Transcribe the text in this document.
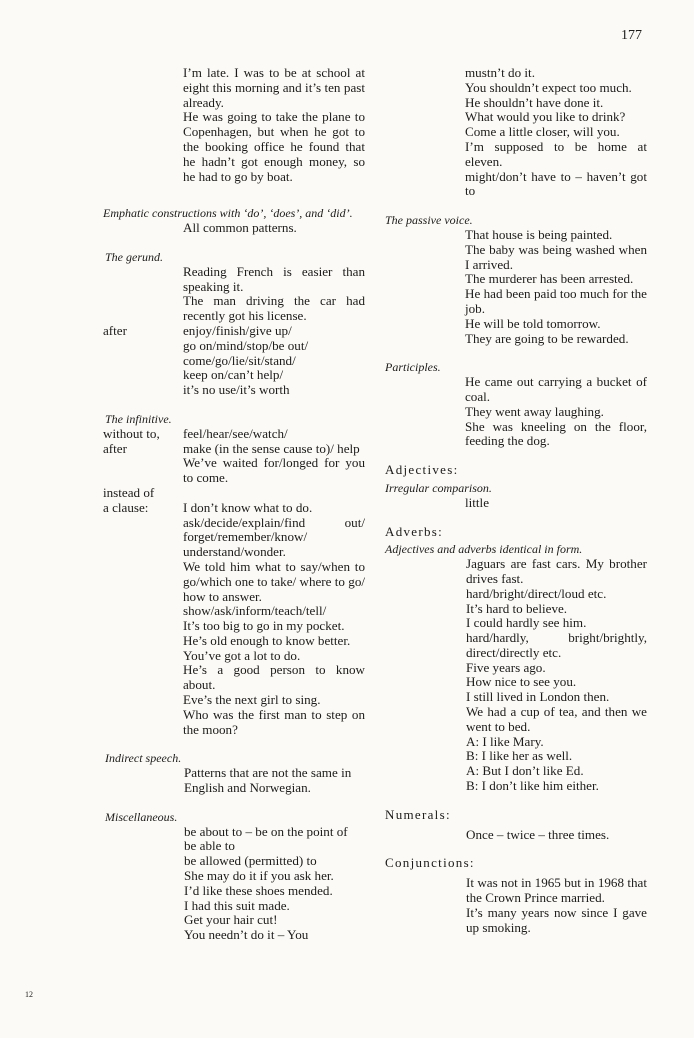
177
I’m late. I was to be at school at eight this morning and it’s ten past already.
He was going to take the plane to Copenhagen, but when he got to the booking office he found that he hadn’t got enough money, so he had to go by boat.
Emphatic constructions with ‘do’, ‘does’, and ‘did’.
All common patterns.
The gerund.
Reading French is easier than speaking it.
The man driving the car had recently got his license.
after	enjoy/finish/give up/
go on/mind/stop/be out/
come/go/lie/sit/stand/
keep on/can’t help/
it’s no use/it’s worth
The infinitive.
without to,	feel/hear/see/watch/
after	make (in the sense cause to)/ help
We’ve waited for/longed for you to come.
instead of
a clause:	I don’t know what to do.
ask/decide/explain/find out/ forget/remember/know/ understand/wonder.
We told him what to say/when to go/which one to take/ where to go/ how to answer.
show/ask/inform/teach/tell/
It’s too big to go in my pocket.
He’s old enough to know better.
You’ve got a lot to do.
He’s a good person to know about.
Eve’s the next girl to sing.
Who was the first man to step on the moon?
Indirect speech.
Patterns that are not the same in English and Norwegian.
Miscellaneous.
be about to – be on the point of
be able to
be allowed (permitted) to
She may do it if you ask her.
I’d like these shoes mended.
I had this suit made.
Get your hair cut!
You needn’t do it – You
mustn’t do it.
You shouldn’t expect too much.
He shouldn’t have done it.
What would you like to drink?
Come a little closer, will you.
I’m supposed to be home at eleven.
might/don’t have to – haven’t got to
The passive voice.
That house is being painted.
The baby was being washed when I arrived.
The murderer has been arrested.
He had been paid too much for the job.
He will be told tomorrow.
They are going to be rewarded.
Participles.
He came out carrying a bucket of coal.
They went away laughing.
She was kneeling on the floor, feeding the dog.
Adjectives:
Irregular comparison.
little
Adverbs:
Adjectives and adverbs identical in form.
Jaguars are fast cars. My brother drives fast.
hard/bright/direct/loud etc.
It’s hard to believe.
I could hardly see him.
hard/hardly, bright/brightly, direct/directly etc.
Five years ago.
How nice to see you.
I still lived in London then.
We had a cup of tea, and then we went to bed.
A: I like Mary.
B: I like her as well.
A: But I don’t like Ed.
B: I don’t like him either.
Numerals:
Once – twice – three times.
Conjunctions:
It was not in 1965 but in 1968 that the Crown Prince married.
It’s many years now since I gave up smoking.
12
